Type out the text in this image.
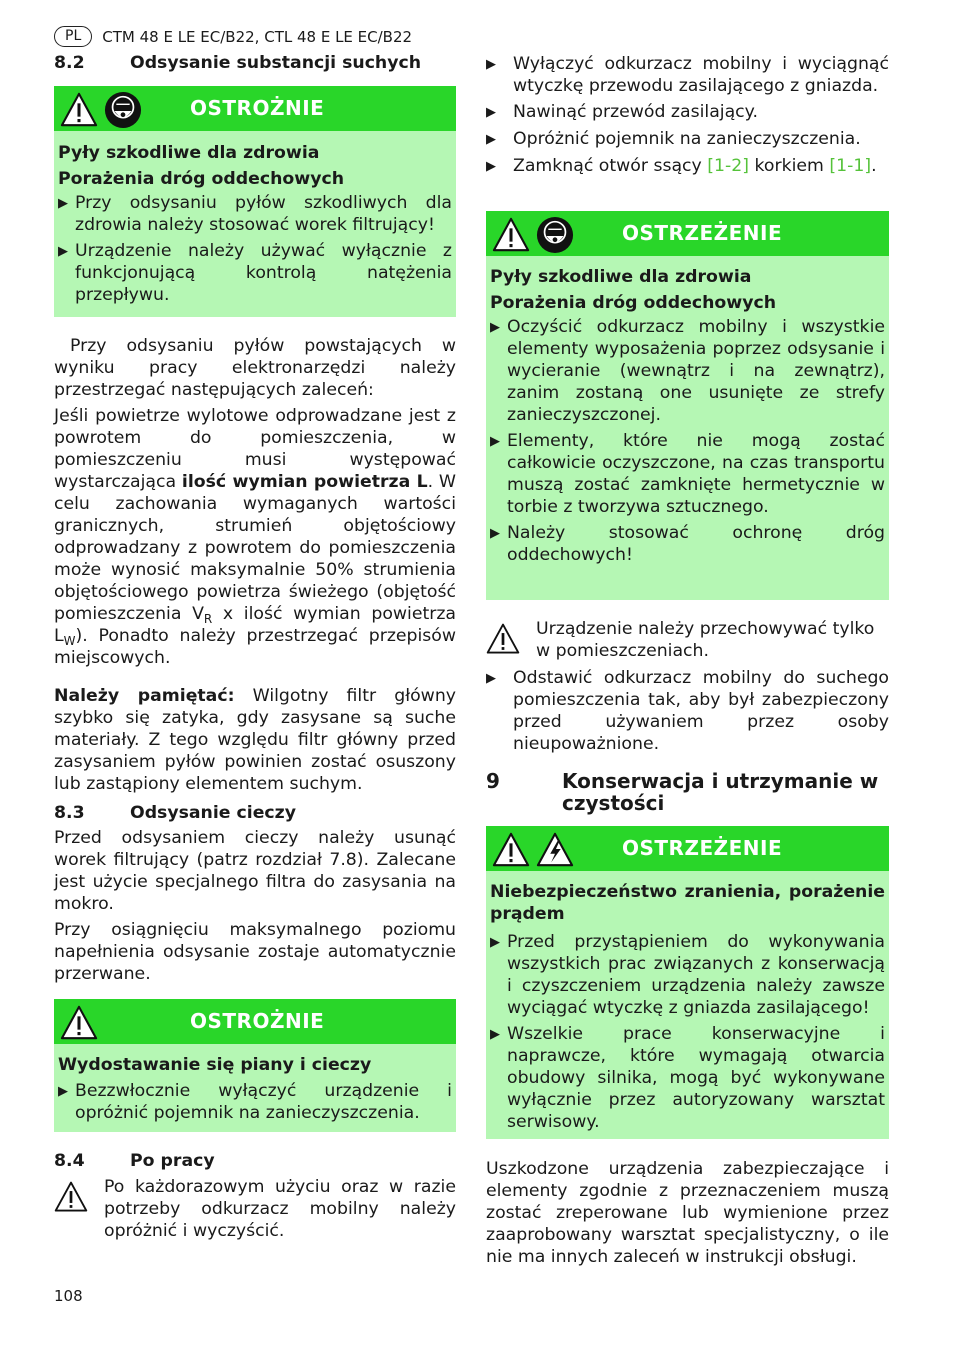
PL	CTM 48 E LE EC/B22, CTL 48 E LE EC/B22
8.2	Odsysanie substancji suchych
OSTROŻNIE
Pyły szkodliwe dla zdrowia
Porażenia dróg oddechowych
▶ Przy odsysaniu pyłów szkodliwych dla zdrowia należy stosować worek filtrujący!
▶ Urządzenie należy używać wyłącznie z funkcjonującą kontrolą natężenia przepływu.

Przy odsysaniu pyłów powstających w wyniku pracy elektronarzędzi należy przestrzegać następujących zaleceń:

Jeśli powietrze wylotowe odprowadzane jest z powrotem do pomieszczenia, w pomieszczeniu musi występować wystarczająca ilość wymian powietrza L. W celu zachowania wymaganych wartości granicznych, strumień objętościowy odprowadzany z powrotem do pomieszczenia może wynosić maksymalnie 50% strumienia objętościowego powietrza świeżego (objętość pomieszczenia $V_R$ x ilość wymian powietrza $L_W$). Ponadto należy przestrzegać przepisów miejscowych.

Należy pamiętać: Wilgotny filtr główny szybko się zatyka, gdy zasysane są suche materiały. Z tego względu filtr główny przed zasysaniem pyłów powinien zostać osuszony lub zastąpiony elementem suchym.

8.3	Odsysanie cieczy

Przed odsysaniem cieczy należy usunąć worek filtrujący (patrz rozdział 7.8). Zalecane jest użycie specjalnego filtra do zasysania na mokro.

Przy osiągnięciu maksymalnego poziomu napełnienia odsysanie zostaje automatycznie przerwane.

OSTROŻNIE
Wydostawanie się piany i cieczy
▶ Bezzwłocznie wyłączyć urządzenie i opróżnić pojemnik na zanieczyszczenia.
8.4	Po pracy

Po każdorazowym użyciu oraz w razie potrzeby odkurzacz mobilny należy opróżnić i wyczyścić.

▶ Wyłączyć odkurzacz mobilny i wyciągnąć wtyczkę przewodu zasilającego z gniazda.
▶ Nawinąć przewód zasilający.
▶ Opróżnić pojemnik na zanieczyszczenia.
▶ Zamknąć otwór ssący [1-2] korkiem [1-1].
OSTRZEŻENIE
Pyły szkodliwe dla zdrowia
Porażenia dróg oddechowych
▶ Oczyścić odkurzacz mobilny i wszystkie elementy wyposażenia poprzez odsysanie i wycieranie (wewnątrz i na zewnątrz), zanim zostaną one usunięte ze strefy zanieczyszczonej.
▶ Elementy, które nie mogą zostać całkowicie oczyszczone, na czas transportu muszą zostać zamknięte hermetycznie w torbie z tworzywa sztucznego.
▶ Należy stosować ochronę dróg oddechowych!

Urządzenie należy przechowywać tylko w pomieszczeniach.

▶ Odstawić odkurzacz mobilny do suchego pomieszczenia tak, aby był zabezpieczony przed używaniem przez osoby nieupoważnione.
9	Konserwacja i utrzymanie w czystości
OSTRZEŻENIE
Niebezpieczeństwo zranienia, porażenie prądem
▶ Przed przystąpieniem do wykonywania wszystkich prac związanych z konserwacją i czyszczeniem urządzenia należy zawsze wyciągać wtyczkę z gniazda zasilającego!
▶ Wszelkie prace konserwacyjne i naprawcze, które wymagają otwarcia obudowy silnika, mogą być wykonywane wyłącznie przez autoryzowany warsztat serwisowy.

Uszkodzone urządzenia zabezpieczające i elementy zgodnie z przeznaczeniem muszą zostać zreperowane lub wymienione przez zaaprobowany warsztat specjalistyczny, o ile nie ma innych zaleceń w instrukcji obsługi.

108
